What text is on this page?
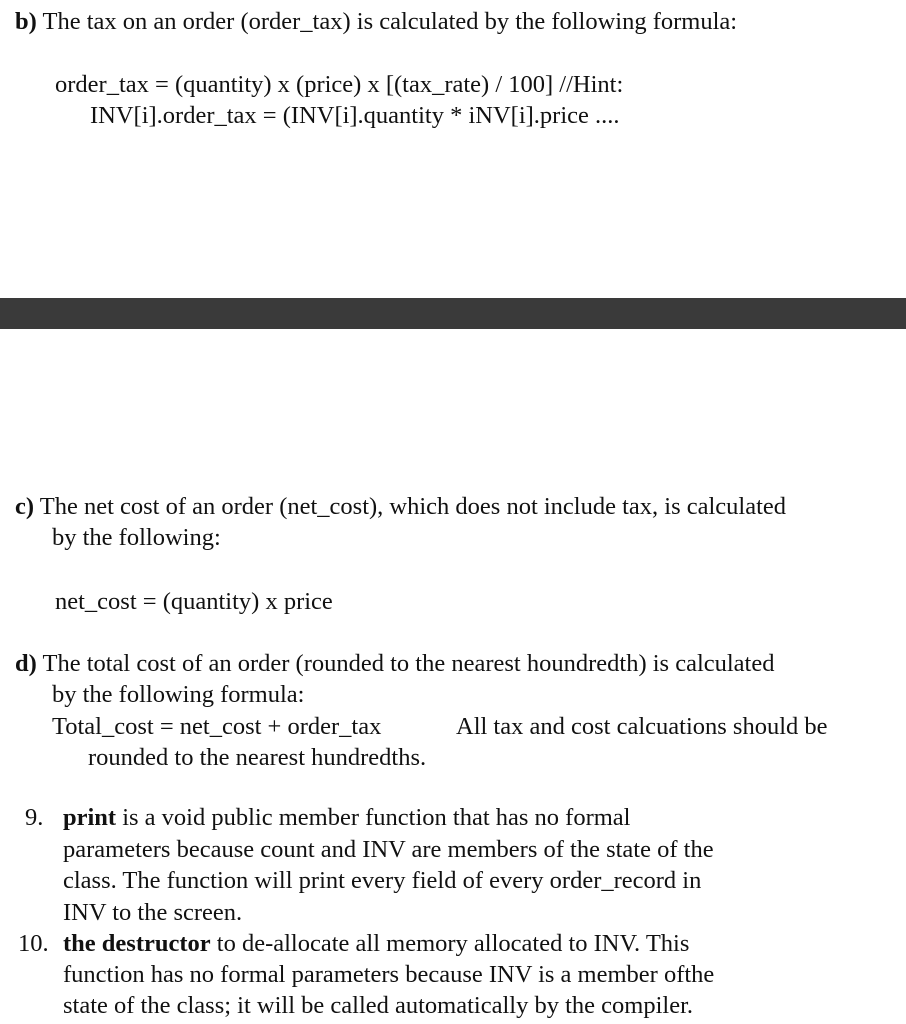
b) The tax on an order (order_tax) is calculated by the following formula:
order_tax = (quantity) x (price) x [(tax_rate) / 100] //Hint:
INV[i].order_tax = (INV[i].quantity * iNV[i].price ....
c) The net cost of an order (net_cost), which does not include tax, is calculated
by the following:
net_cost = (quantity) x price
d) The total cost of an order (rounded to the nearest houndredth) is calculated
by the following formula:
Total_cost = net_cost + order_tax	All tax and cost calcuations should be
rounded to the nearest hundredths.
9. print is a void public member function that has no formal
parameters because count and INV are members of the state of the
class. The function will print every field of every order_record in
INV to the screen.
10. the destructor to de-allocate all memory allocated to INV. This
function has no formal parameters because INV is a member ofthe
state of the class; it will be called automatically by the compiler.
